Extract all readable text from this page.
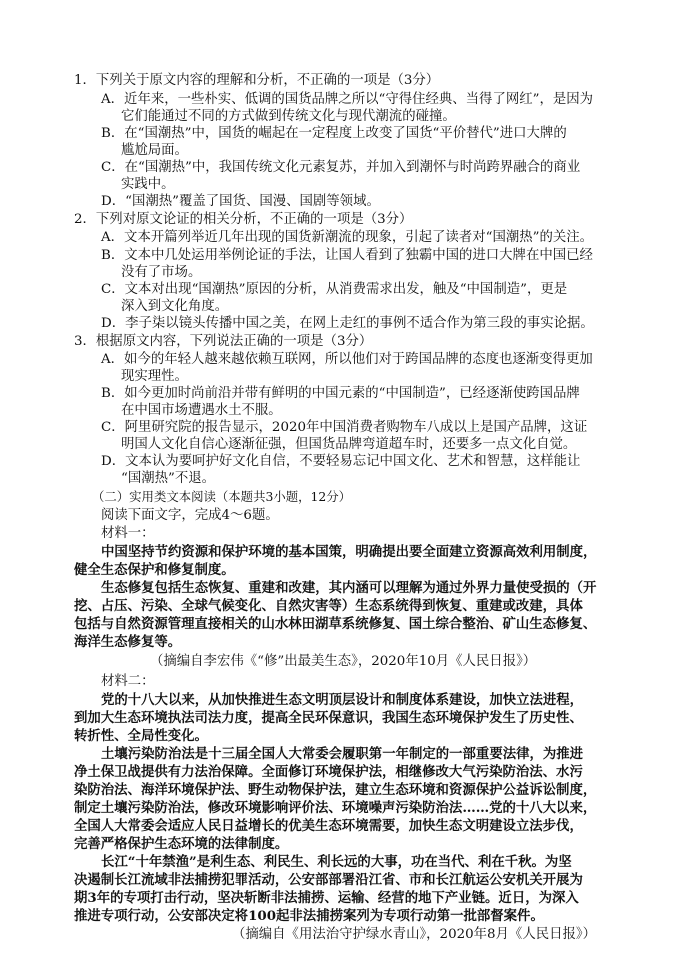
1．下列关于原文内容的理解和分析，不正确的一项是（3分）
A．近年来，一些朴实、低调的国货品牌之所以“守得住经典、当得了网红”，是因为
它们能通过不同的方式做到传统文化与现代潮流的碰撞。
B．在“国潮热”中，国货的崛起在一定程度上改变了国货“平价替代”进口大牌的
尴尬局面。
C．在“国潮热”中，我国传统文化元素复苏，并加入到潮怀与时尚跨界融合的商业
实践中。
D．“国潮热”覆盖了国货、国漫、国剧等领域。
2．下列对原文论证的相关分析，不正确的一项是（3分）
A．文本开篇列举近几年出现的国货新潮流的现象，引起了读者对“国潮热”的关注。
B．文本中几处运用举例论证的手法，让国人看到了独霸中国的进口大牌在中国已经
没有了市场。
C．文本对出现“国潮热”原因的分析，从消费需求出发，触及“中国制造”，更是
深入到文化角度。
D．李子柒以镜头传播中国之美，在网上走红的事例不适合作为第三段的事实论据。
3．根据原文内容，下列说法正确的一项是（3分）
A．如今的年轻人越来越依赖互联网，所以他们对于跨国品牌的态度也逐渐变得更加
现实理性。
B．如今更加时尚前沿并带有鲜明的中国元素的“中国制造”，已经逐渐使跨国品牌
在中国市场遭遇水土不服。
C．阿里研究院的报告显示，2020年中国消费者购物车八成以上是国产品牌，这证
明国人文化自信心逐渐征强，但国货品牌弯道超车时，还要多一点文化自觉。
D．文本认为要呵护好文化自信，不要轻易忘记中国文化、艺术和智慧，这样能让
“国潮热”不退。
（二）实用类文本阅读（本题共3小题，12分）
阅读下面文字，完成4～6题。
材料一：
中国坚持节约资源和保护环境的基本国策，明确提出要全面建立资源高效利用制度，
健全生态保护和修复制度。
生态修复包括生态恢复、重建和改建，其内涵可以理解为通过外界力量使受损的（开
挖、占压、污染、全球气候变化、自然灾害等）生态系统得到恢复、重建或改建，具体
包括与自然资源管理直接相关的山水林田湖草系统修复、国土综合整治、矿山生态修复、
海洋生态修复等。
（摘编自李宏伟《“修”出最美生态》，2020年10月《人民日报》）
材料二：
党的十八大以来，从加快推进生态文明顶层设计和制度体系建设，加快立法进程，
到加大生态环境执法司法力度，提高全民环保意识，我国生态环境保护发生了历史性、
转折性、全局性变化。
土壤污染防治法是十三届全国人大常委会履职第一年制定的一部重要法律，为推进
净土保卫战提供有力法治保障。全面修订环境保护法，相继修改大气污染防治法、水污
染防治法、海洋环境保护法、野生动物保护法，建立生态环境和资源保护公益诉讼制度，
制定土壤污染防治法，修改环境影响评价法、环境噪声污染防治法……党的十八大以来，
全国人大常委会适应人民日益增长的优美生态环境需要，加快生态文明建设立法步伐，
完善严格保护生态环境的法律制度。
长江“十年禁渔”是利生态、利民生、利长远的大事，功在当代、利在千秋。为坚
决遏制长江流域非法捕捞犯罪活动，公安部部署沿江省、市和长江航运公安机关开展为
期3年的专项打击行动，坚决斩断非法捕捞、运输、经营的地下产业链。近日，为深入
推进专项行动，公安部决定将100起非法捕捞案列为专项行动第一批部督案件。
（摘编自《用法治守护绿水青山》，2020年8月《人民日报》）
